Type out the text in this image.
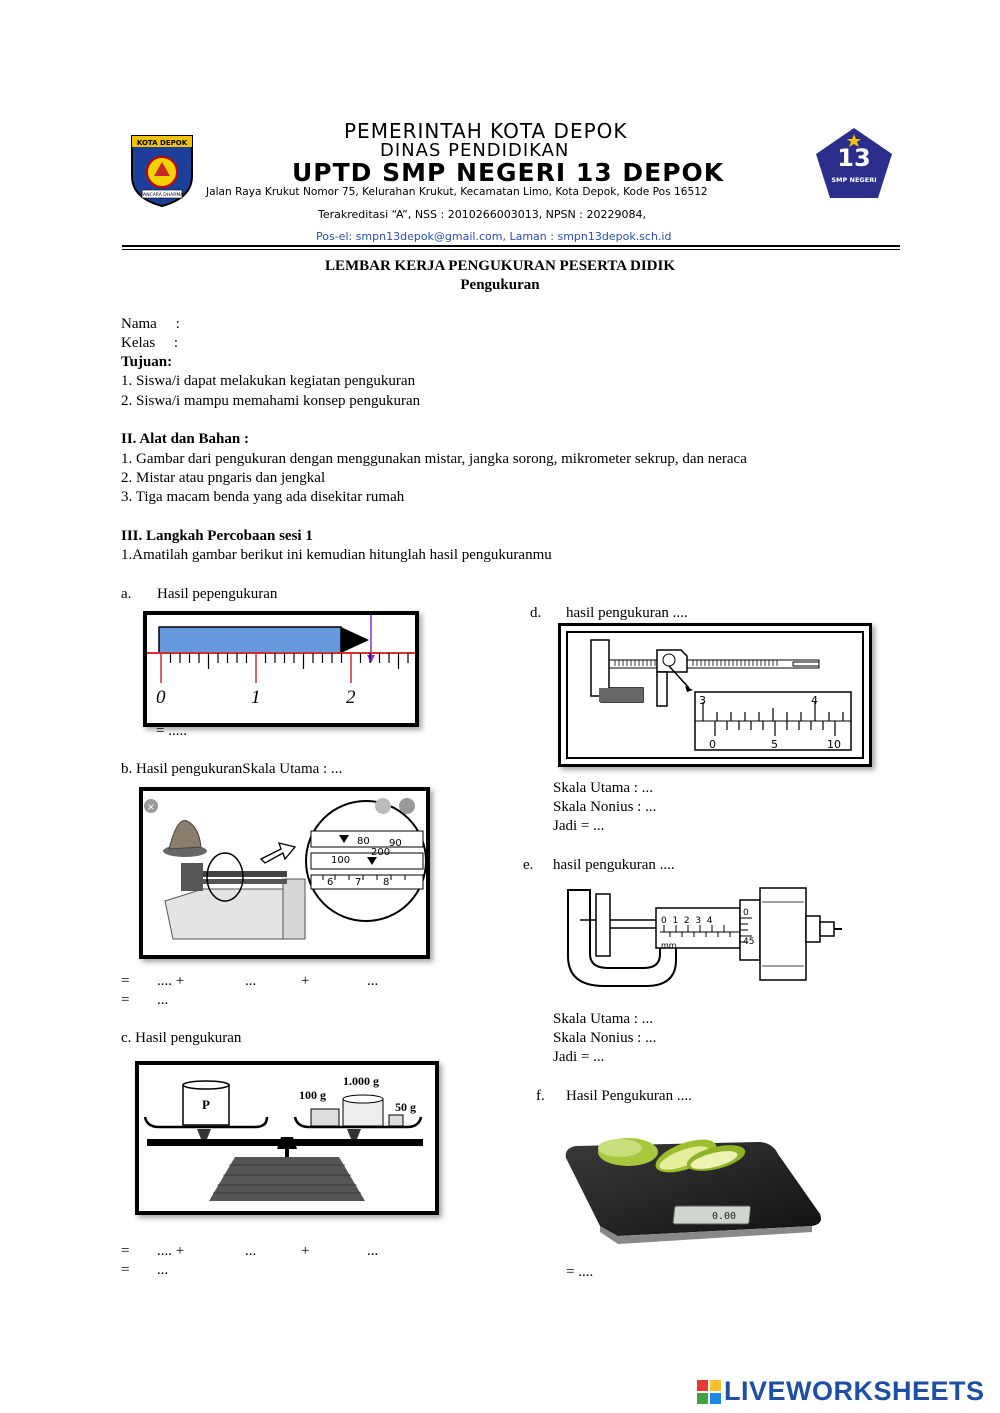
KOTA DEPOK
PANCARA DHARMA
PEMERINTAH KOTA DEPOK
DINAS PENDIDIKAN
UPTD SMP NEGERI 13 DEPOK
Jalan Raya Krukut Nomor 75, Kelurahan Krukut, Kecamatan Limo, Kota Depok, Kode Pos 16512
Terakreditasi “A”, NSS : 2010266003013, NPSN : 20229084,
Pos-el: smpn13depok@gmail.com, Laman : smpn13depok.sch.id
13
SMP NEGERI
LEMBAR KERJA PENGUKURAN PESERTA DIDIK
Pengukuran
Nama     :
Kelas     :
Tujuan:
1. Siswa/i dapat melakukan kegiatan pengukuran
2. Siswa/i mampu memahami konsep pengukuran
II. Alat dan Bahan :
1. Gambar dari pengukuran dengan menggunakan mistar, jangka sorong, mikrometer sekrup, dan neraca
2. Mistar atau pngaris dan jengkal
3. Tiga macam benda yang ada disekitar rumah
III. Langkah Percobaan sesi 1
1.Amatilah gambar berikut ini kemudian hitunglah hasil pengukuranmu
a. Hasil pepengukuran
0	1	2
= .....
b. Hasil pengukuranSkala Utama : ...
×
80 90
100
200
6 7 8
= .... +	...	+	...
= ...
c. Hasil pengukuran
P
100 g
1.000 g
50 g
= .... +	...	+	...
= ...
d. hasil pengukuran ....
3	4
0	5	10
Skala Utama : ...
Skala Nonius : ...
Jadi = ...
e. hasil pengukuran ....
0  1  2  3  4
mm
0
45
Skala Utama : ...
Skala Nonius : ...
Jadi = ...
f. Hasil Pengukuran ....
0.00
= ....
LIVEWORKSHEETS
